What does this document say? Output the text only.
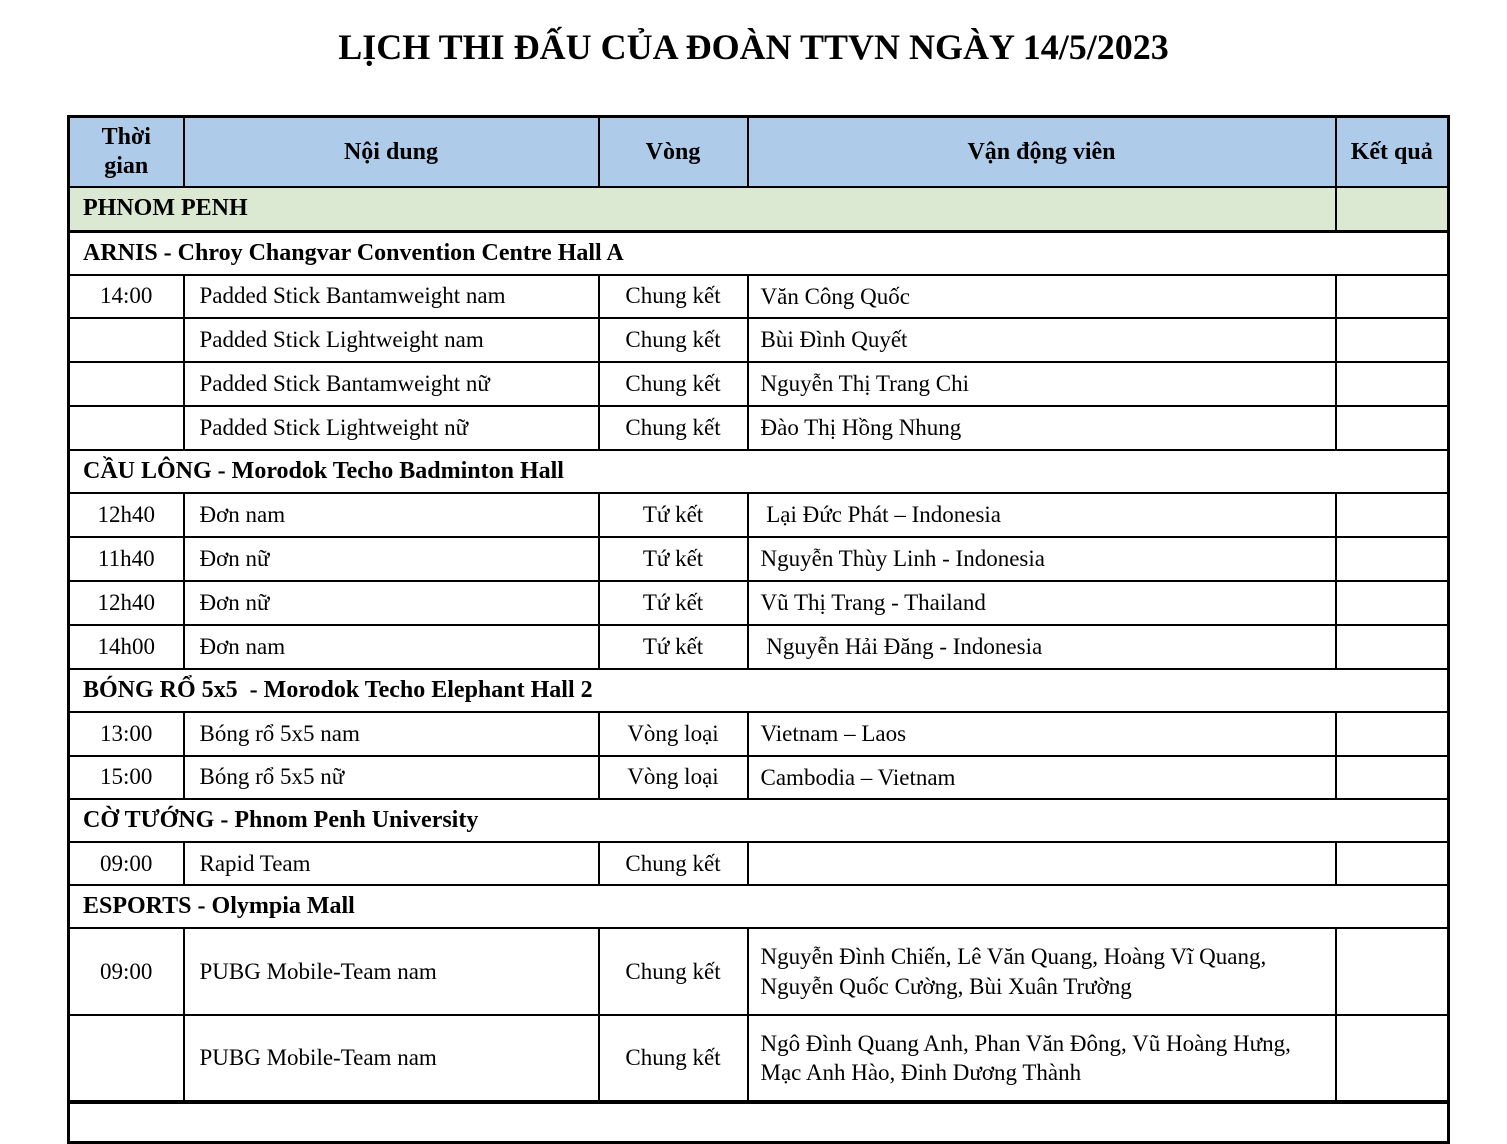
LỊCH THI ĐẤU CỦA ĐOÀN TTVN NGÀY 14/5/2023
Thời gian	Nội dung	Vòng	Vận động viên	Kết quả
PHNOM PENH				
ARNIS - Chroy Changvar Convention Centre Hall A				
14:00	Padded Stick Bantamweight nam	Chung kết	Văn Công Quốc	
	Padded Stick Lightweight nam	Chung kết	Bùi Đình Quyết	
	Padded Stick Bantamweight nữ	Chung kết	Nguyễn Thị Trang Chi	
	Padded Stick Lightweight nữ	Chung kết	Đào Thị Hồng Nhung	
CẦU LÔNG - Morodok Techo Badminton Hall				
12h40	Đơn nam	Tứ kết	Lại Đức Phát – Indonesia	
11h40	Đơn nữ	Tứ kết	Nguyễn Thùy Linh - Indonesia	
12h40	Đơn nữ	Tứ kết	Vũ Thị Trang - Thailand	
14h00	Đơn nam	Tứ kết	Nguyễn Hải Đăng - Indonesia	
BÓNG RỔ 5x5  - Morodok Techo Elephant Hall 2				
13:00	Bóng rổ 5x5 nam	Vòng loại	Vietnam – Laos	
15:00	Bóng rổ 5x5 nữ	Vòng loại	Cambodia – Vietnam	
CỜ TƯỚNG - Phnom Penh University				
09:00	Rapid Team	Chung kết		
ESPORTS - Olympia Mall				
09:00	PUBG Mobile-Team nam	Chung kết	Nguyễn Đình Chiến, Lê Văn Quang, Hoàng Vĩ Quang, Nguyễn Quốc Cường, Bùi Xuân Trường	
	PUBG Mobile-Team nam	Chung kết	Ngô Đình Quang Anh, Phan Văn Đông, Vũ Hoàng Hưng, Mạc Anh Hào, Đinh Dương Thành	
